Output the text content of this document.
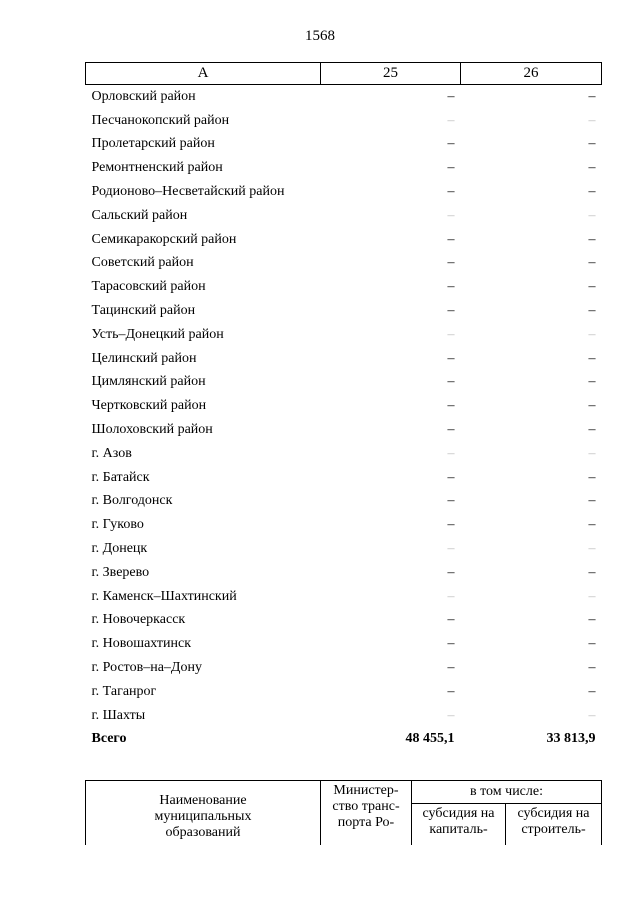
1568
А	25	26
Орловский район	–	–
Песчанокопский район	–	–
Пролетарский район	–	–
Ремонтненский район	–	–
Родионово–Несветайский район	–	–
Сальский район	–	–
Семикаракорский район	–	–
Советский район	–	–
Тарасовский район	–	–
Тацинский район	–	–
Усть–Донецкий район	–	–
Целинский район	–	–
Цимлянский район	–	–
Чертковский район	–	–
Шолоховский район	–	–
г. Азов	–	–
г. Батайск	–	–
г. Волгодонск	–	–
г. Гуково	–	–
г. Донецк	–	–
г. Зверево	–	–
г. Каменск–Шахтинский	–	–
г. Новочеркасск	–	–
г. Новошахтинск	–	–
г. Ростов–на–Дону	–	–
г. Таганрог	–	–
г. Шахты	–	–
Всего	48 455,1	33 813,9
Наименование муниципальных образований	Министер-ство транс-порта Ро-	в том числе:	

		субсидия на капиталь-	субсидия на строитель-
